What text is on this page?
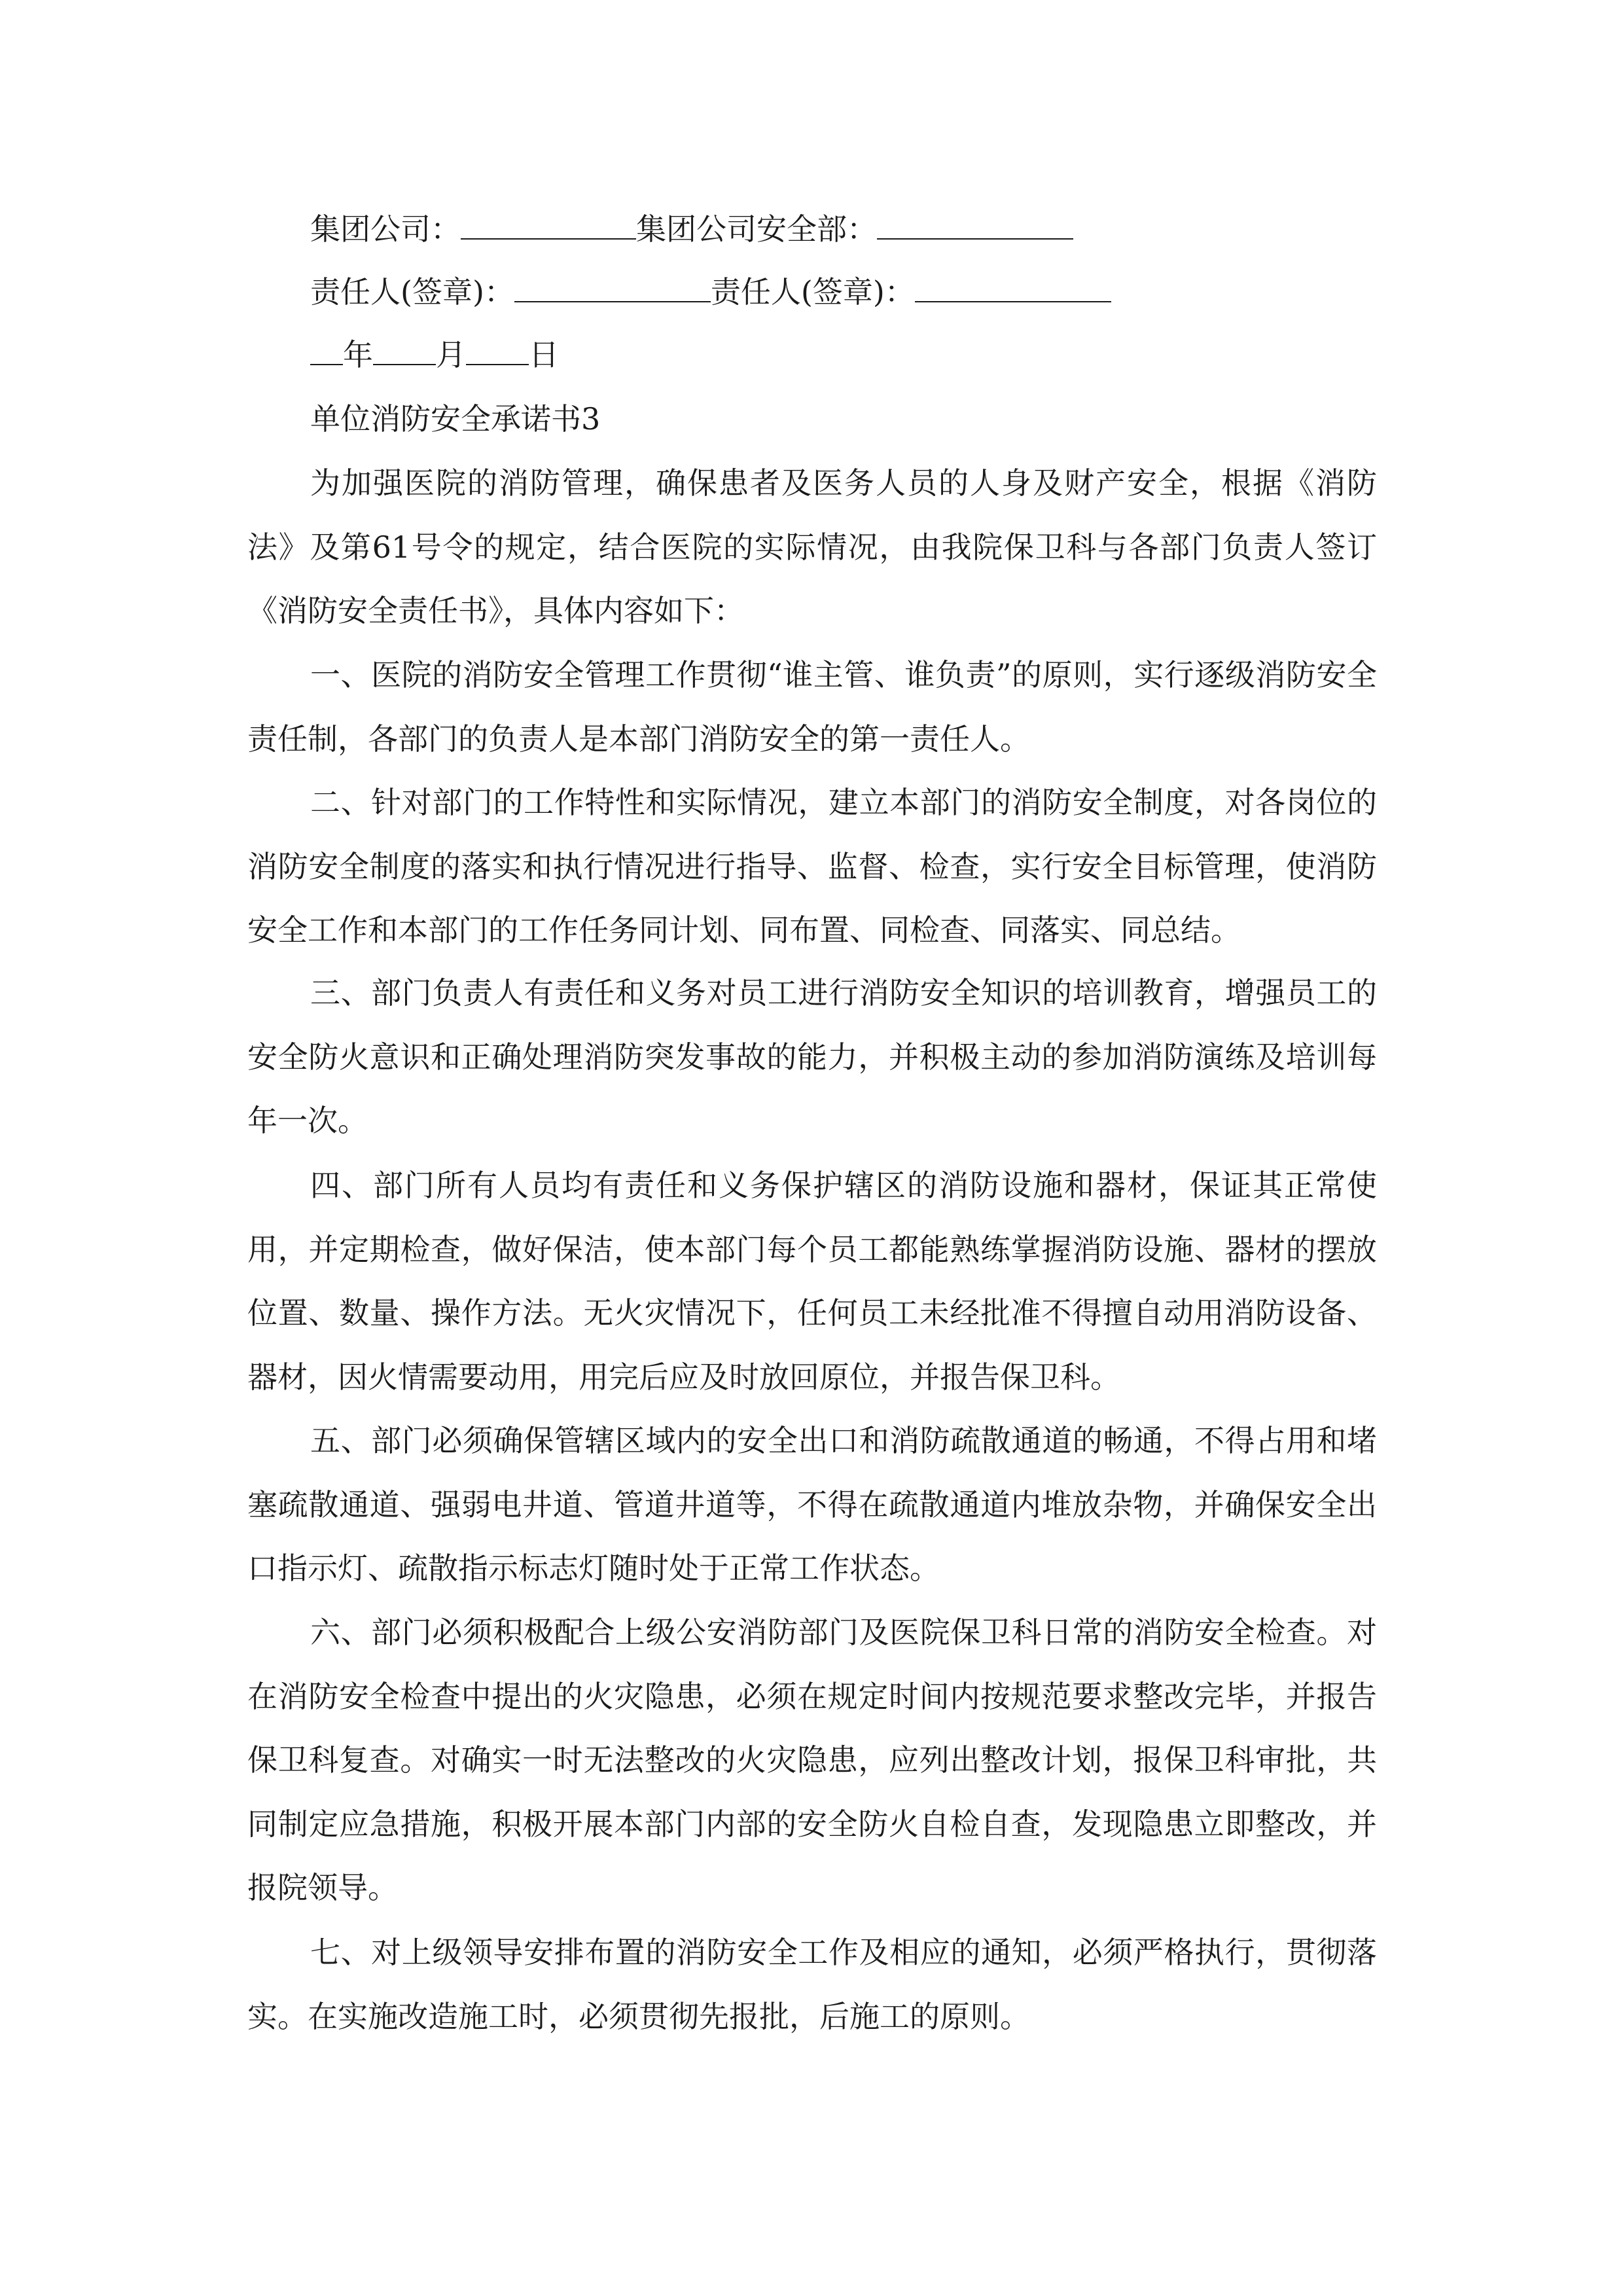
集团公司：	集团公司安全部：
责任人(签章)：	责任人(签章)：
年 月 日
单位消防安全承诺书3

为加强医院的消防管理，确保患者及医务人员的人身及财产安全，根据《消防法》及第61号令的规定，结合医院的实际情况，由我院保卫科与各部门负责人签订《消防安全责任书》，具体内容如下：

一、医院的消防安全管理工作贯彻“谁主管、谁负责”的原则，实行逐级消防安全责任制，各部门的负责人是本部门消防安全的第一责任人。

二、针对部门的工作特性和实际情况，建立本部门的消防安全制度，对各岗位的消防安全制度的落实和执行情况进行指导、监督、检查，实行安全目标管理，使消防安全工作和本部门的工作任务同计划、同布置、同检查、同落实、同总结。

三、部门负责人有责任和义务对员工进行消防安全知识的培训教育，增强员工的安全防火意识和正确处理消防突发事故的能力，并积极主动的参加消防演练及培训每年一次。

四、部门所有人员均有责任和义务保护辖区的消防设施和器材，保证其正常使用，并定期检查，做好保洁，使本部门每个员工都能熟练掌握消防设施、器材的摆放位置、数量、操作方法。无火灾情况下，任何员工未经批准不得擅自动用消防设备、器材，因火情需要动用，用完后应及时放回原位，并报告保卫科。

五、部门必须确保管辖区域内的安全出口和消防疏散通道的畅通，不得占用和堵塞疏散通道、强弱电井道、管道井道等，不得在疏散通道内堆放杂物，并确保安全出口指示灯、疏散指示标志灯随时处于正常工作状态。

六、部门必须积极配合上级公安消防部门及医院保卫科日常的消防安全检查。对在消防安全检查中提出的火灾隐患，必须在规定时间内按规范要求整改完毕，并报告保卫科复查。对确实一时无法整改的火灾隐患，应列出整改计划，报保卫科审批，共同制定应急措施，积极开展本部门内部的安全防火自检自查，发现隐患立即整改，并报院领导。

七、对上级领导安排布置的消防安全工作及相应的通知，必须严格执行，贯彻落实。在实施改造施工时，必须贯彻先报批，后施工的原则。
